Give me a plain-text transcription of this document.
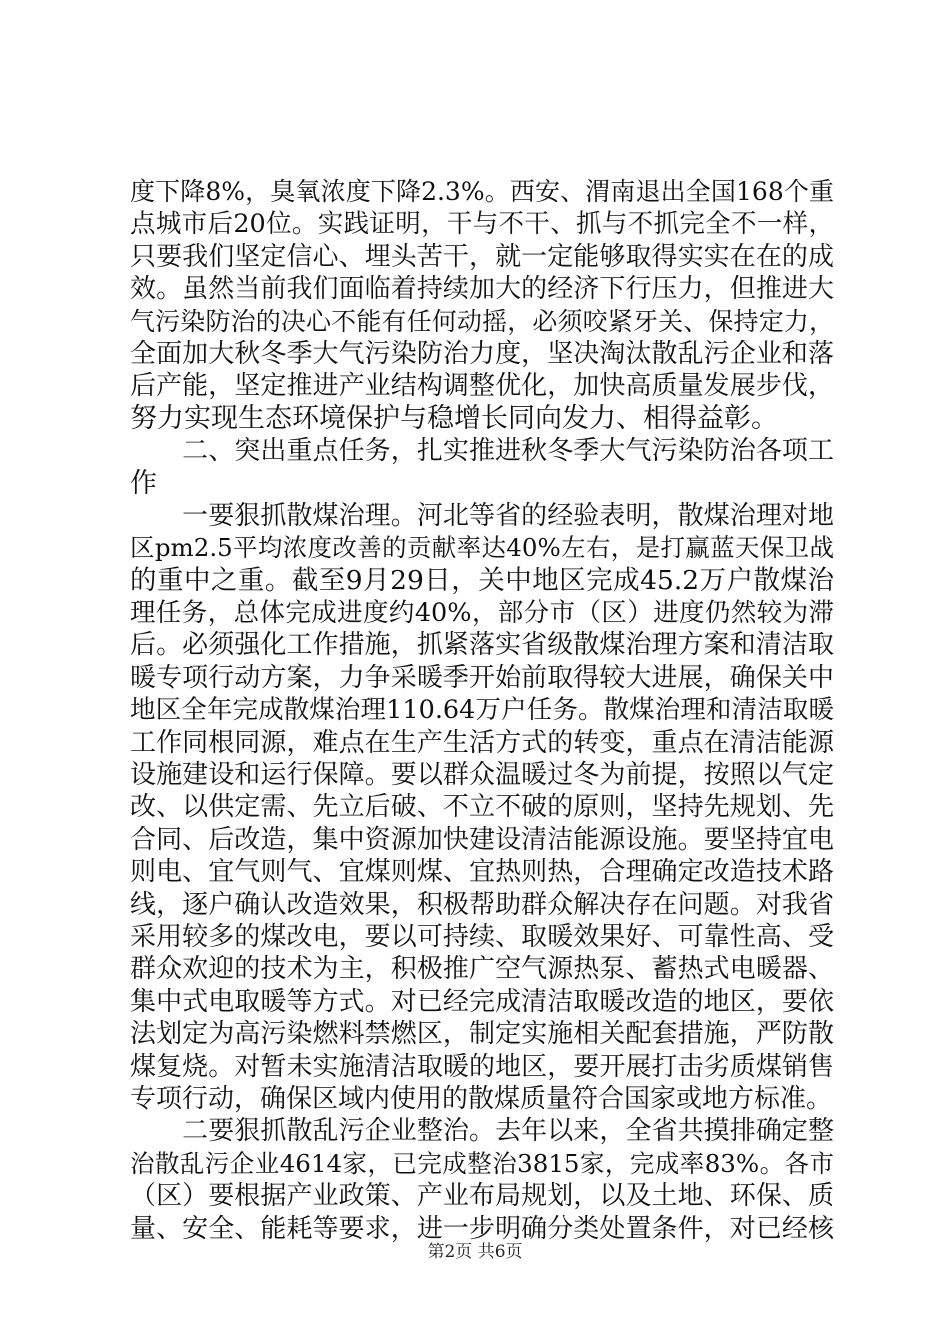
度下降8%，臭氧浓度下降2.3%。西安、渭南退出全国168个重
点城市后20位。实践证明，干与不干、抓与不抓完全不一样，
只要我们坚定信心、埋头苦干，就一定能够取得实实在在的成
效。虽然当前我们面临着持续加大的经济下行压力，但推进大
气污染防治的决心不能有任何动摇，必须咬紧牙关、保持定力，
全面加大秋冬季大气污染防治力度，坚决淘汰散乱污企业和落
后产能，坚定推进产业结构调整优化，加快高质量发展步伐，
努力实现生态环境保护与稳增长同向发力、相得益彰。
　　二、突出重点任务，扎实推进秋冬季大气污染防治各项工
作
　　一要狠抓散煤治理。河北等省的经验表明，散煤治理对地
区pm2.5平均浓度改善的贡献率达40%左右，是打赢蓝天保卫战
的重中之重。截至9月29日，关中地区完成45.2万户散煤治
理任务，总体完成进度约40%，部分市（区）进度仍然较为滞
后。必须强化工作措施，抓紧落实省级散煤治理方案和清洁取
暖专项行动方案，力争采暖季开始前取得较大进展，确保关中
地区全年完成散煤治理110.64万户任务。散煤治理和清洁取暖
工作同根同源，难点在生产生活方式的转变，重点在清洁能源
设施建设和运行保障。要以群众温暖过冬为前提，按照以气定
改、以供定需、先立后破、不立不破的原则，坚持先规划、先
合同、后改造，集中资源加快建设清洁能源设施。要坚持宜电
则电、宜气则气、宜煤则煤、宜热则热，合理确定改造技术路
线，逐户确认改造效果，积极帮助群众解决存在问题。对我省
采用较多的煤改电，要以可持续、取暖效果好、可靠性高、受
群众欢迎的技术为主，积极推广空气源热泵、蓄热式电暖器、
集中式电取暖等方式。对已经完成清洁取暖改造的地区，要依
法划定为高污染燃料禁燃区，制定实施相关配套措施，严防散
煤复烧。对暂未实施清洁取暖的地区，要开展打击劣质煤销售
专项行动，确保区域内使用的散煤质量符合国家或地方标准。
　　二要狠抓散乱污企业整治。去年以来，全省共摸排确定整
治散乱污企业4614家，已完成整治3815家，完成率83%。各市
（区）要根据产业政策、产业布局规划，以及土地、环保、质
量、安全、能耗等要求，进一步明确分类处置条件，对已经核
第2页 共6页
